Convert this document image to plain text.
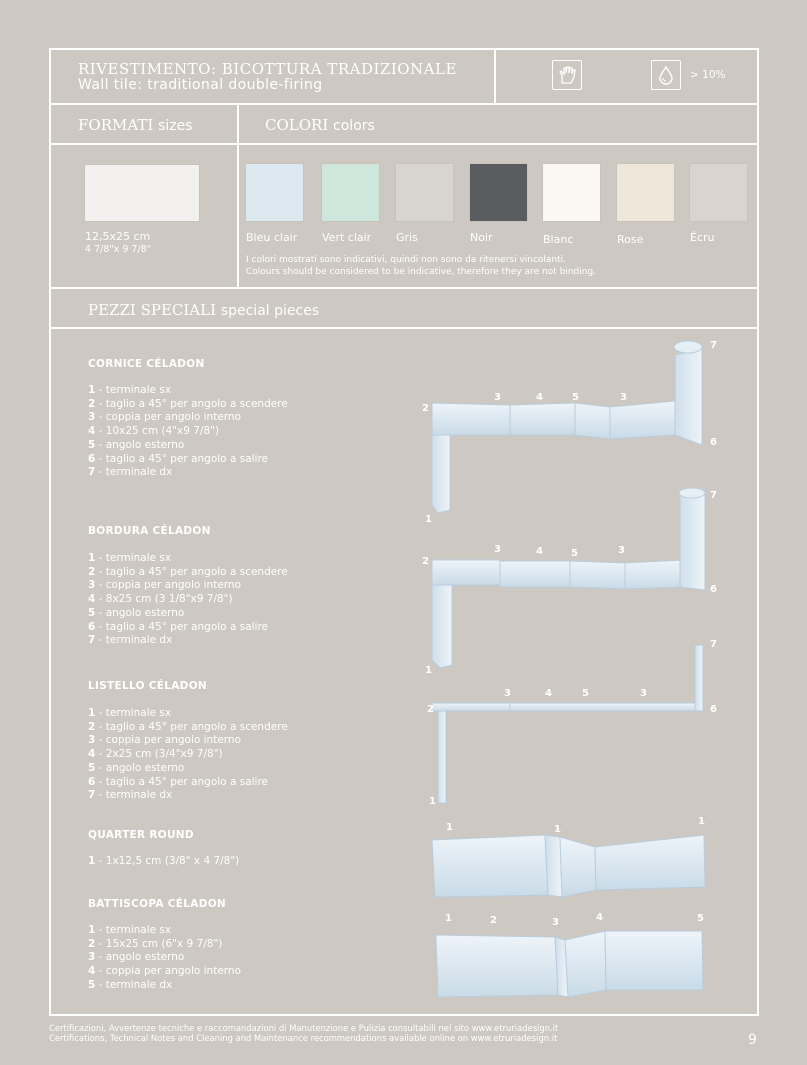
RIVESTIMENTO: BICOTTURA TRADIZIONALE
Wall tile: traditional double-firing
> 10%
FORMATI sizes	COLORI colors
12,5x25 cm
4 7/8"x 9 7/8"
Bleu clair Vert clair Gris	Noir	Blanc	Rose	Écru
I colori mostrati sono indicativi, quindi non sono da ritenersi vincolanti.
Colours should be considered to be indicative, therefore they are not binding.
PEZZI SPECIALI special pieces
CORNICE CÉLADON
1 - terminale sx
2 - taglio a 45° per angolo a scendere
3 - coppia per angolo interno
4 - 10x25 cm (4"x9 7/8")
5 - angolo esterno
6 - taglio a 45° per angolo a salire
7 - terminale dx
BORDURA CÉLADON
1 - terminale sx
2 - taglio a 45° per angolo a scendere
3 - coppia per angolo interno
4 - 8x25 cm (3 1/8"x9 7/8")
5 - angolo esterno
6 - taglio a 45° per angolo a salire
7 - terminale dx
LISTELLO CÉLADON
1 - terminale sx
2 - taglio a 45° per angolo a scendere
3 - coppia per angolo interno
4 - 2x25 cm (3/4"x9 7/8")
5 - angolo esterno
6 - taglio a 45° per angolo a salire
7 - terminale dx
QUARTER ROUND
1 - 1x12,5 cm (3/8" x 4 7/8")
BATTISCOPA CÉLADON
1 - terminale sx
2 - 15x25 cm (6"x 9 7/8")
3 - angolo esterno
4 - coppia per angolo interno
5 - terminale dx
7
3	4	5	3
2
6
1
7
3	4	5	3
2
6
1
7
3	4	5	3
2	6
1
1	1
1
1	2	3	4	5
Certificazioni, Avvertenze tecniche e raccomandazioni di Manutenzione e Pulizia consultabili nel sito www.etruriadesign.it
Certifications, Technical Notes and Cleaning and Maintenance recommendations available online on www.etruriadesign.it	9
